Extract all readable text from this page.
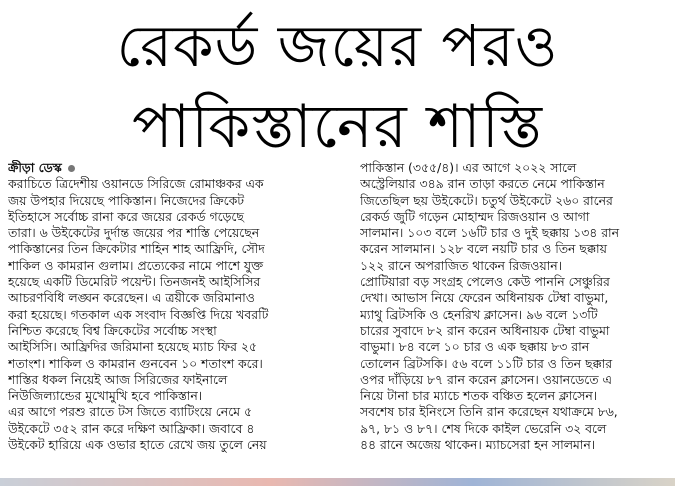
রেকর্ড জয়ের পরও
পাকিস্তানের শাস্তি
ক্রীড়া ডেস্ক
করাচিতে ত্রিদেশীয় ওয়ানডে সিরিজে রোমাঞ্চকর এক
জয় উপহার দিয়েছে পাকিস্তান। নিজেদের ক্রিকেট
ইতিহাসে সর্বোচ্চ রানা করে জয়ের রেকর্ড গড়েছে
তারা। ৬ উইকেটের দুর্দান্ত জয়ের পর শাস্তি পেয়েছেন
পাকিস্তানের তিন ক্রিকেটার শাহিন শাহ আফ্রিদি, সৌদ
শাকিল ও কামরান গুলাম। প্রত্যেকের নামে পাশে যুক্ত
হয়েছে একটি ডিমেরিট পয়েন্ট। তিনজনই আইসিসির
আচরণবিধি লঙ্ঘন করেছেন। এ ত্রয়ীকে জরিমানাও
করা হয়েছে। গতকাল এক সংবাদ বিজ্ঞপ্তি দিয়ে খবরটি
নিশ্চিত করেছে বিশ্ব ক্রিকেটের সর্বোচ্চ সংস্থা
আইসিসি। আফ্রিদির জরিমানা হয়েছে ম্যাচ ফির ২৫
শতাংশ। শাকিল ও কামরান গুনবেন ১০ শতাংশ করে।
শাস্তির ধকল নিয়েই আজ সিরিজের ফাইনালে
নিউজিল্যান্ডের মুখোমুখি হবে পাকিস্তান।
এর আগে পরশু রাতে টস জিতে ব্যাটিংয়ে নেমে ৫
উইকেটে ৩৫২ রান করে দক্ষিণ আফ্রিকা। জবাবে ৪
উইকেট হারিয়ে এক ওভার হাতে রেখে জয় তুলে নেয়
পাকিস্তান (৩৫৫/৪)। এর আগে ২০২২ সালে
অস্ট্রেলিয়ার ৩৪৯ রান তাড়া করতে নেমে পাকিস্তান
জিতেছিল ছয় উইকেটে। চতুর্থ উইকেটে ২৬০ রানের
রেকর্ড জুটি গড়েন মোহাম্মদ রিজওয়ান ও আগা
সালমান। ১০৩ বলে ১৬টি চার ও দুই ছক্কায় ১৩৪ রান
করেন সালমান। ১২৮ বলে নয়টি চার ও তিন ছক্কায়
১২২ রানে অপরাজিত থাকেন রিজওয়ান।
প্রোটিয়ারা বড় সংগ্রহ পেলেও কেউ পাননি সেঞ্চুরির
দেখা। আভাস নিয়ে ফেরেন অধিনায়ক টেম্বা বাভুমা,
ম্যাথু ব্রিটসকি ও হেনরিখ ক্লাসেন। ৯৬ বলে ১৩টি
চারের সুবাদে ৮২ রান করেন অধিনায়ক টেম্বা বাভুমা
বাভুমা। ৮৪ বলে ১০ চার ও এক ছক্কায় ৮৩ রান
তোলেন ব্রিটসকি। ৫৬ বলে ১১টি চার ও তিন ছক্কার
ওপর দাঁড়িয়ে ৮৭ রান করেন ক্লাসেন। ওয়ানডেতে এ
নিয়ে টানা চার ম্যাচে শতক বঞ্চিত হলেন ক্লাসেন।
সবশেষ চার ইনিংসে তিনি রান করেছেন যথাক্রমে ৮৬,
৯৭, ৮১ ও ৮৭। শেষ দিকে কাইল ভেরেনি ৩২ বলে
৪৪ রানে অজেয় থাকেন। ম্যাচসেরা হন সালমান।
